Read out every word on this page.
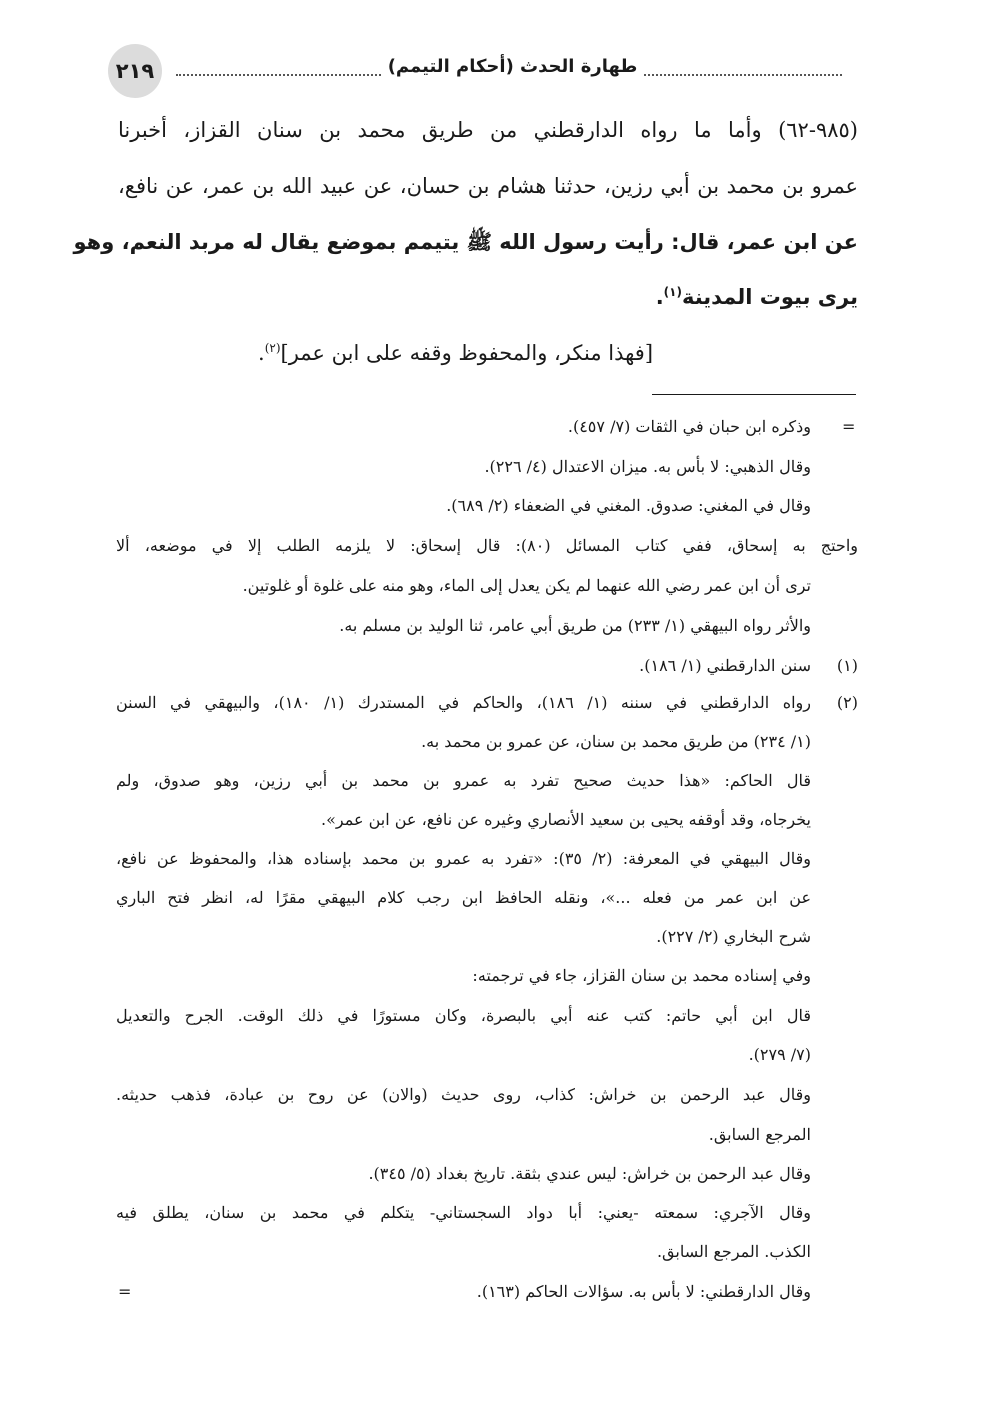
٢١٩	طهارة الحدث (أحكام التيمم)
(٩٨٥-٦٢) وأما ما رواه الدارقطني من طريق محمد بن سنان القزاز، أخبرنا
عمرو بن محمد بن أبي رزين، حدثنا هشام بن حسان، عن عبيد الله بن عمر، عن نافع،
عن ابن عمر، قال: رأيت رسول الله ﷺ يتيمم بموضع يقال له مربد النعم، وهو
يرى بيوت المدينة$^{(١)}$.
[فهذا منكر، والمحفوظ وقفه على ابن عمر]$^{(٢)}$.
=
وذكره ابن حبان في الثقات (٧/ ٤٥٧).
وقال الذهبي: لا بأس به. ميزان الاعتدال (٤/ ٢٢٦).
وقال في المغني: صدوق. المغني في الضعفاء (٢/ ٦٨٩).
واحتج به إسحاق، ففي كتاب المسائل (٨٠): قال إسحاق: لا يلزمه الطلب إلا في موضعه، ألا
ترى أن ابن عمر رضي الله عنهما لم يكن يعدل إلى الماء، وهو منه على غلوة أو غلوتين.
والأثر رواه البيهقي (١/ ٢٣٣) من طريق أبي عامر، ثنا الوليد بن مسلم به.
(١)
سنن الدارقطني (١/ ١٨٦).
(٢)
رواه الدارقطني في سننه (١/ ١٨٦)، والحاكم في المستدرك (١/ ١٨٠)، والبيهقي في السنن
(١/ ٢٣٤) من طريق محمد بن سنان، عن عمرو بن محمد به.
قال الحاكم: «هذا حديث صحيح تفرد به عمرو بن محمد بن أبي رزين، وهو صدوق، ولم
يخرجاه، وقد أوقفه يحيى بن سعيد الأنصاري وغيره عن نافع، عن ابن عمر».
وقال البيهقي في المعرفة: (٢/ ٣٥): «تفرد به عمرو بن محمد بإسناده هذا، والمحفوظ عن نافع،
عن ابن عمر من فعله ...»، ونقله الحافظ ابن رجب كلام البيهقي مقرًا له، انظر فتح الباري
شرح البخاري (٢/ ٢٢٧).
وفي إسناده محمد بن سنان القزاز، جاء في ترجمته:
قال ابن أبي حاتم: كتب عنه أبي بالبصرة، وكان مستورًا في ذلك الوقت. الجرح والتعديل
(٧/ ٢٧٩).
وقال عبد الرحمن بن خراش: كذاب، روى حديث (والان) عن روح بن عبادة، فذهب حديثه.
المرجع السابق.
وقال عبد الرحمن بن خراش: ليس عندي بثقة. تاريخ بغداد (٥/ ٣٤٥).
وقال الآجري: سمعته -يعني: أبا دواد السجستاني- يتكلم في محمد بن سنان، يطلق فيه
الكذب. المرجع السابق.
وقال الدارقطني: لا بأس به. سؤالات الحاكم (١٦٣).
=
